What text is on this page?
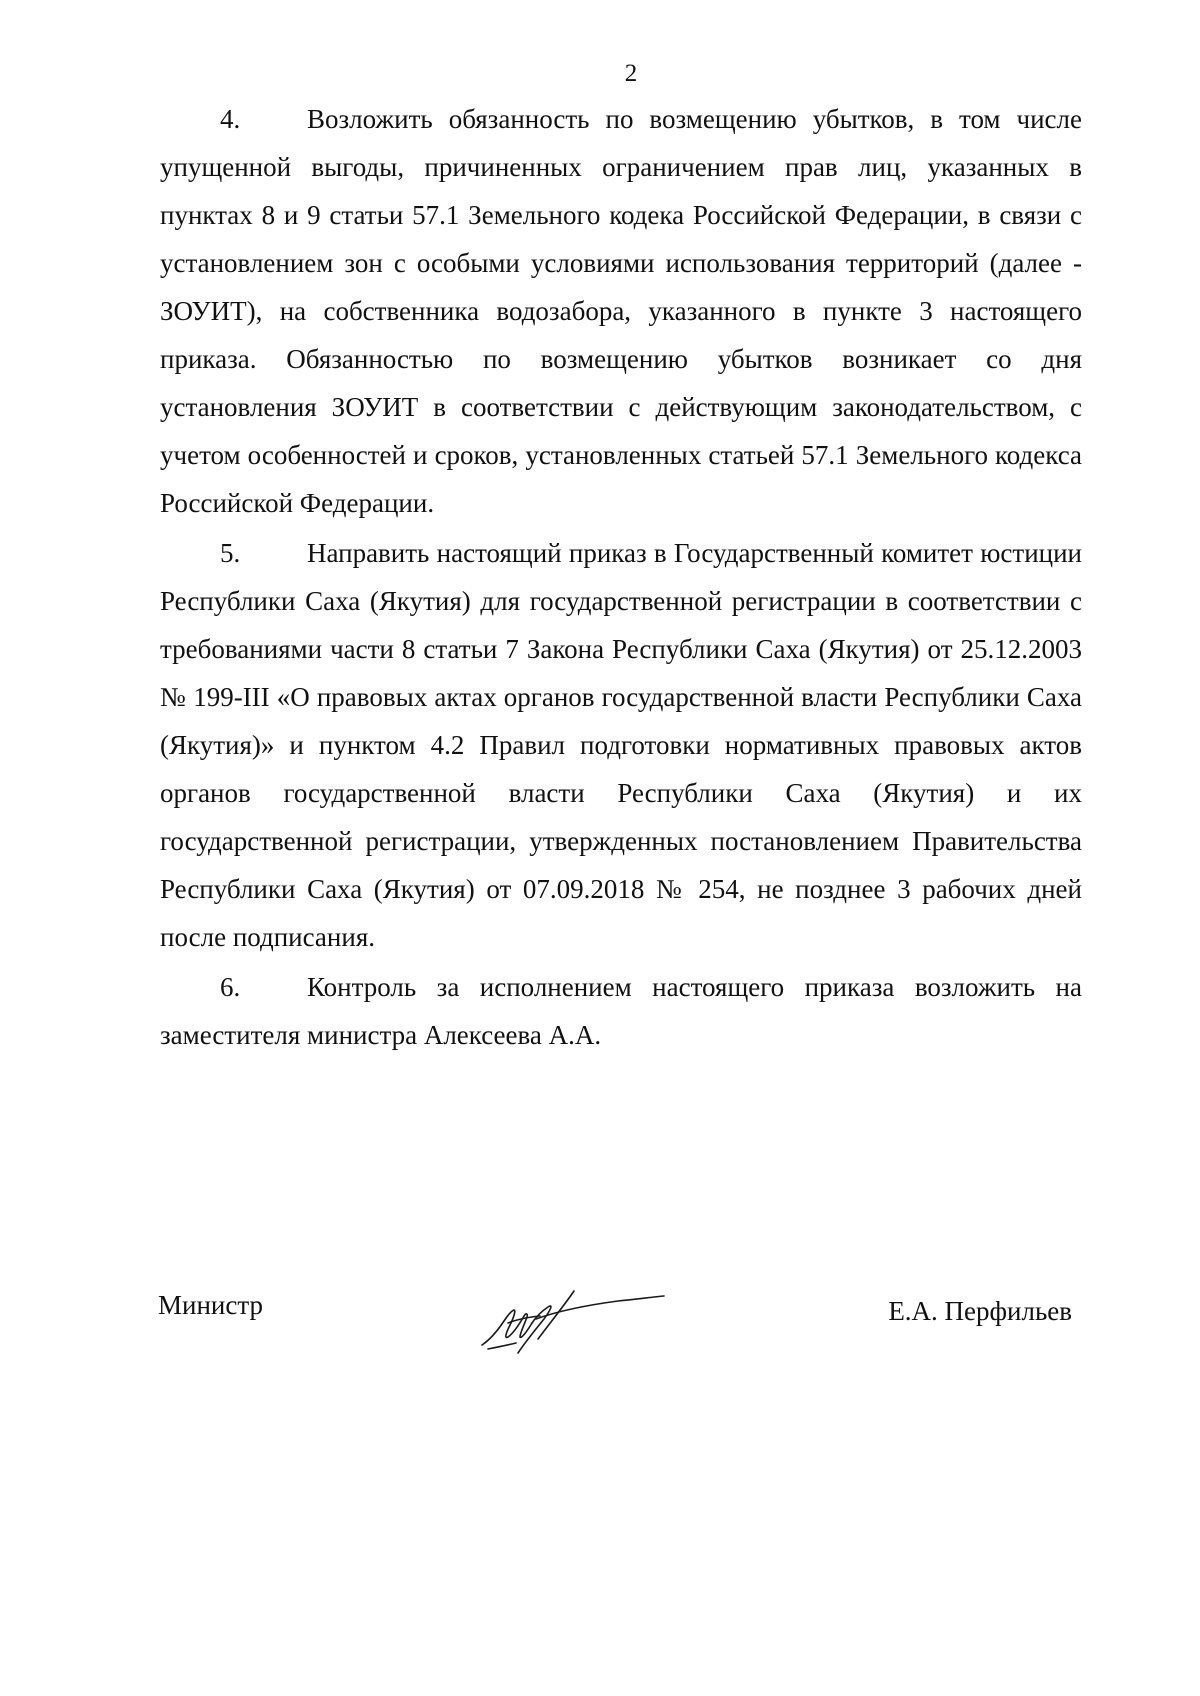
2

4. Возложить обязанность по возмещению убытков, в том числе упущенной выгоды, причиненных ограничением прав лиц, указанных в пунктах 8 и 9 статьи 57.1 Земельного кодека Российской Федерации, в связи с установлением зон с особыми условиями использования территорий (далее - ЗОУИТ), на собственника водозабора, указанного в пункте 3 настоящего приказа. Обязанностью по возмещению убытков возникает со дня установления ЗОУИТ в соответствии с действующим законодательством, с учетом особенностей и сроков, установленных статьей 57.1 Земельного кодекса Российской Федерации.

5. Направить настоящий приказ в Государственный комитет юстиции Республики Саха (Якутия) для государственной регистрации в соответствии с требованиями части 8 статьи 7 Закона Республики Саха (Якутия) от 25.12.2003 № 199-III «О правовых актах органов государственной власти Республики Саха (Якутия)» и пунктом 4.2 Правил подготовки нормативных правовых актов органов государственной власти Республики Саха (Якутия) и их государственной регистрации, утвержденных постановлением Правительства Республики Саха (Якутия) от 07.09.2018 № 254, не позднее 3 рабочих дней после подписания.

6. Контроль за исполнением настоящего приказа возложить на заместителя министра Алексеева А.А.

Министр	Е.А. Перфильев
